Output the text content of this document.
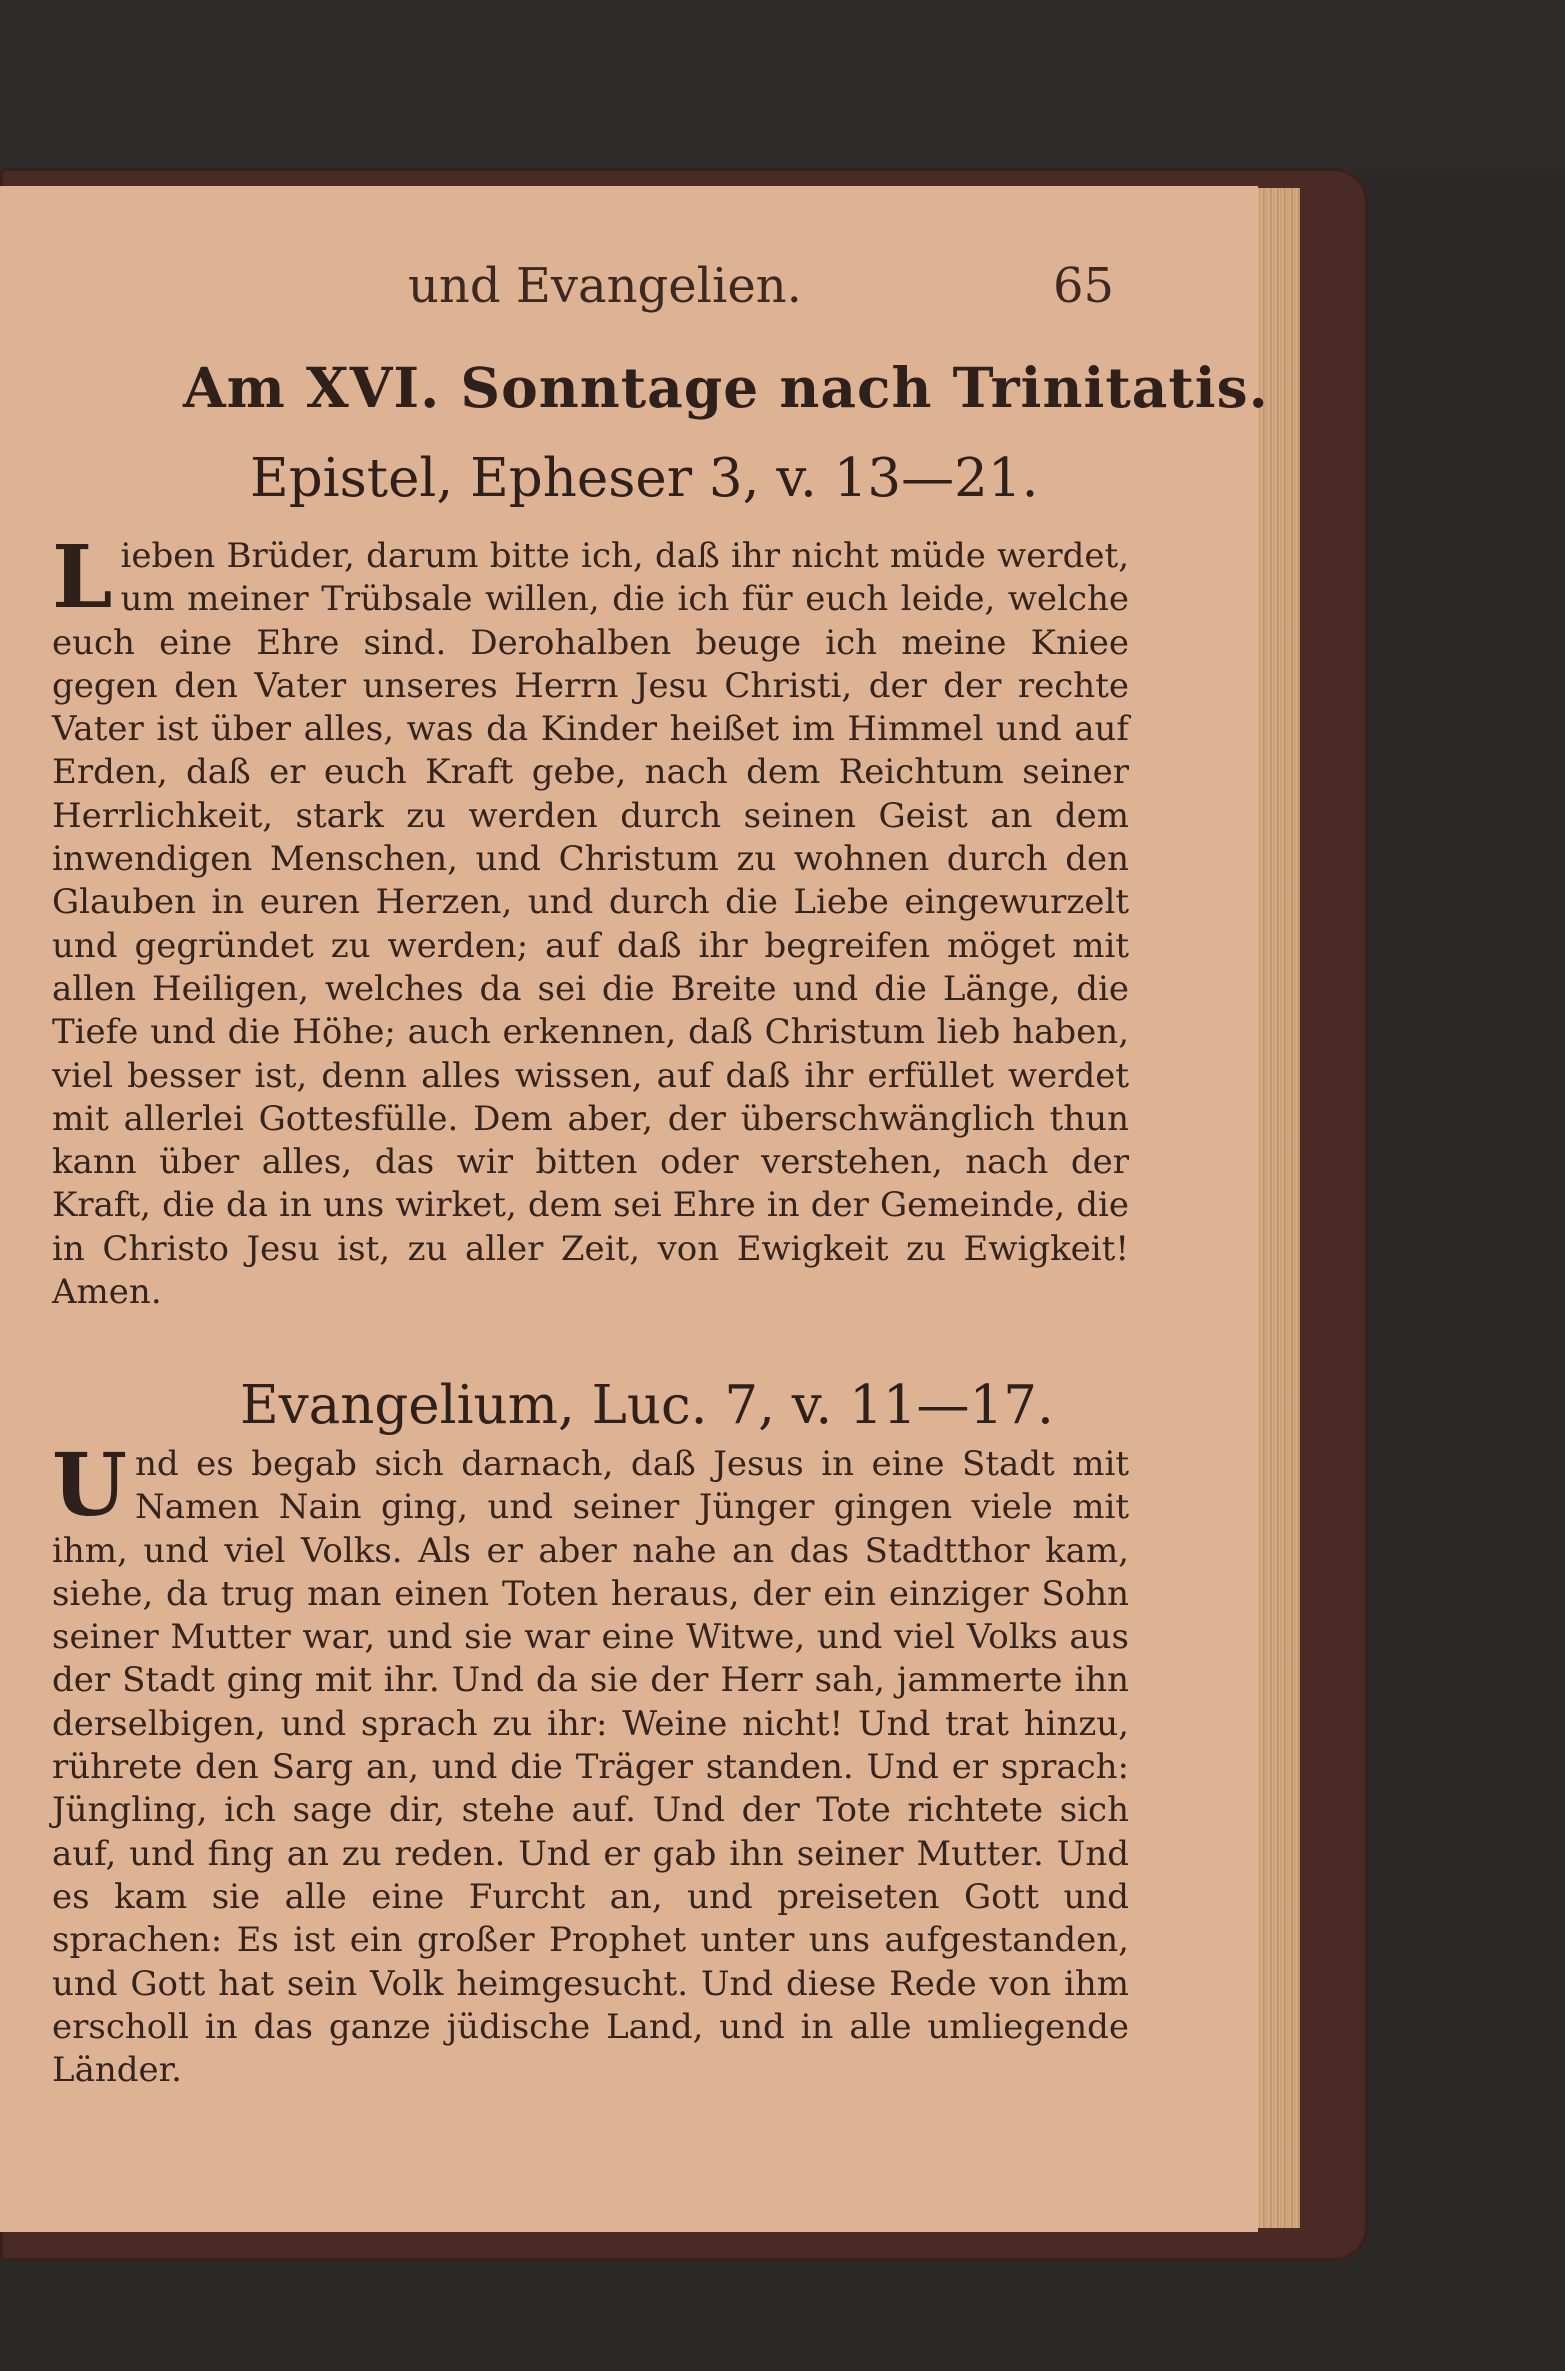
und Evangelien.	65
Am XVI. Sonntage nach Trinitatis.
Epistel, Epheser 3, v. 13—21.

Lieben Brüder, darum bitte ich, daß ihr nicht müde werdet, um meiner Trübsale willen, die ich für euch leide, welche euch eine Ehre sind. Derohalben beuge ich meine Kniee gegen den Vater unseres Herrn Jesu Christi, der der rechte Vater ist über alles, was da Kinder heißet im Himmel und auf Erden, daß er euch Kraft gebe, nach dem Reichtum seiner Herrlichkeit, stark zu werden durch seinen Geist an dem inwendigen Menschen, und Christum zu wohnen durch den Glauben in euren Herzen, und durch die Liebe eingewurzelt und gegründet zu werden; auf daß ihr begreifen möget mit allen Heiligen, welches da sei die Breite und die Länge, die Tiefe und die Höhe; auch erkennen, daß Christum lieb haben, viel besser ist, denn alles wissen, auf daß ihr erfüllet werdet mit allerlei Gottesfülle. Dem aber, der überschwänglich thun kann über alles, das wir bitten oder verstehen, nach der Kraft, die da in uns wirket, dem sei Ehre in der Gemeinde, die in Christo Jesu ist, zu aller Zeit, von Ewigkeit zu Ewigkeit! Amen.

Evangelium, Luc. 7, v. 11—17.

Und es begab sich darnach, daß Jesus in eine Stadt mit Namen Nain ging, und seiner Jünger gingen viele mit ihm, und viel Volks. Als er aber nahe an das Stadtthor kam, siehe, da trug man einen Toten heraus, der ein einziger Sohn seiner Mutter war, und sie war eine Witwe, und viel Volks aus der Stadt ging mit ihr. Und da sie der Herr sah, jammerte ihn derselbigen, und sprach zu ihr: Weine nicht! Und trat hinzu, rührete den Sarg an, und die Träger standen. Und er sprach: Jüngling, ich sage dir, stehe auf. Und der Tote richtete sich auf, und fing an zu reden. Und er gab ihn seiner Mutter. Und es kam sie alle eine Furcht an, und preiseten Gott und sprachen: Es ist ein großer Prophet unter uns aufgestanden, und Gott hat sein Volk heimgesucht. Und diese Rede von ihm erscholl in das ganze jüdische Land, und in alle umliegende Länder.
